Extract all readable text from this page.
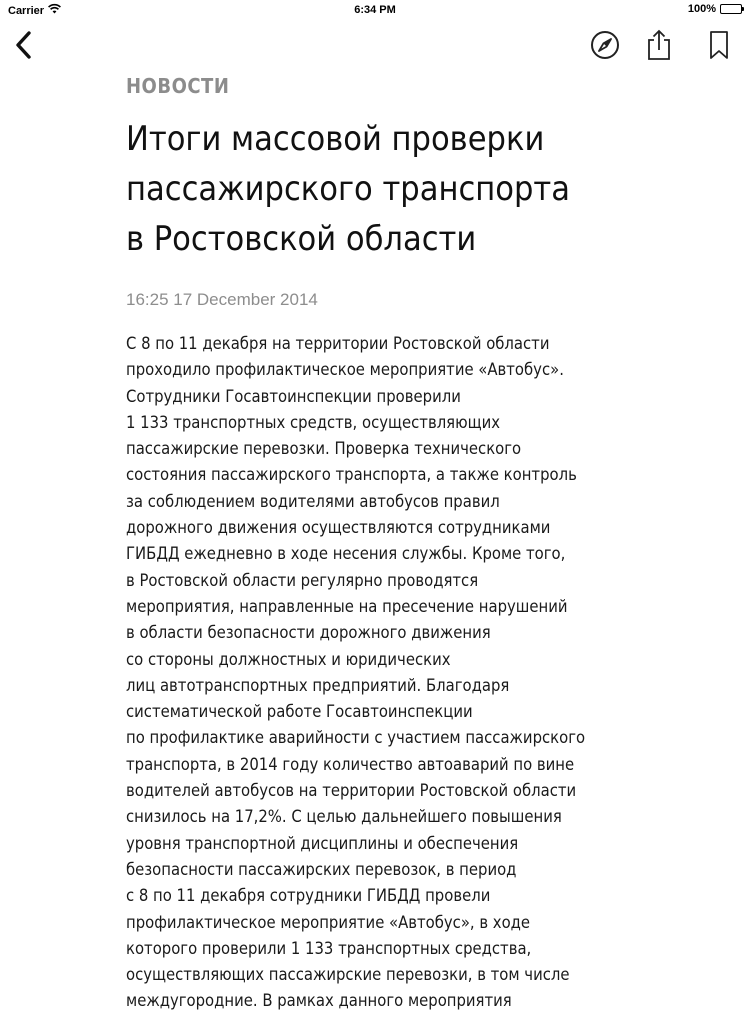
Carrier	6:34 PM	100%
НОВОСТИ
Итоги массовой проверки
пассажирского транспорта
в Ростовской области
16:25 17 December 2014
С 8 по 11 декабря на территории Ростовской области
проходило профилактическое мероприятие «Автобус».
Сотрудники Госавтоинспекции проверили
1 133 транспортных средств, осуществляющих
пассажирские перевозки. Проверка технического
состояния пассажирского транспорта, а также контроль
за соблюдением водителями автобусов правил
дорожного движения осуществляются сотрудниками
ГИБДД ежедневно в ходе несения службы. Кроме того,
в Ростовской области регулярно проводятся
мероприятия, направленные на пресечение нарушений
в области безопасности дорожного движения
со стороны должностных и юридических
лиц автотранспортных предприятий. Благодаря
систематической работе Госавтоинспекции
по профилактике аварийности с участием пассажирского
транспорта, в 2014 году количество автоаварий по вине
водителей автобусов на территории Ростовской области
снизилось на 17,2%. С целью дальнейшего повышения
уровня транспортной дисциплины и обеспечения
безопасности пассажирских перевозок, в период
с 8 по 11 декабря сотрудники ГИБДД провели
профилактическое мероприятие «Автобус», в ходе
которого проверили 1 133 транспортных средства,
осуществляющих пассажирские перевозки, в том числе
междугородние. В рамках данного мероприятия
